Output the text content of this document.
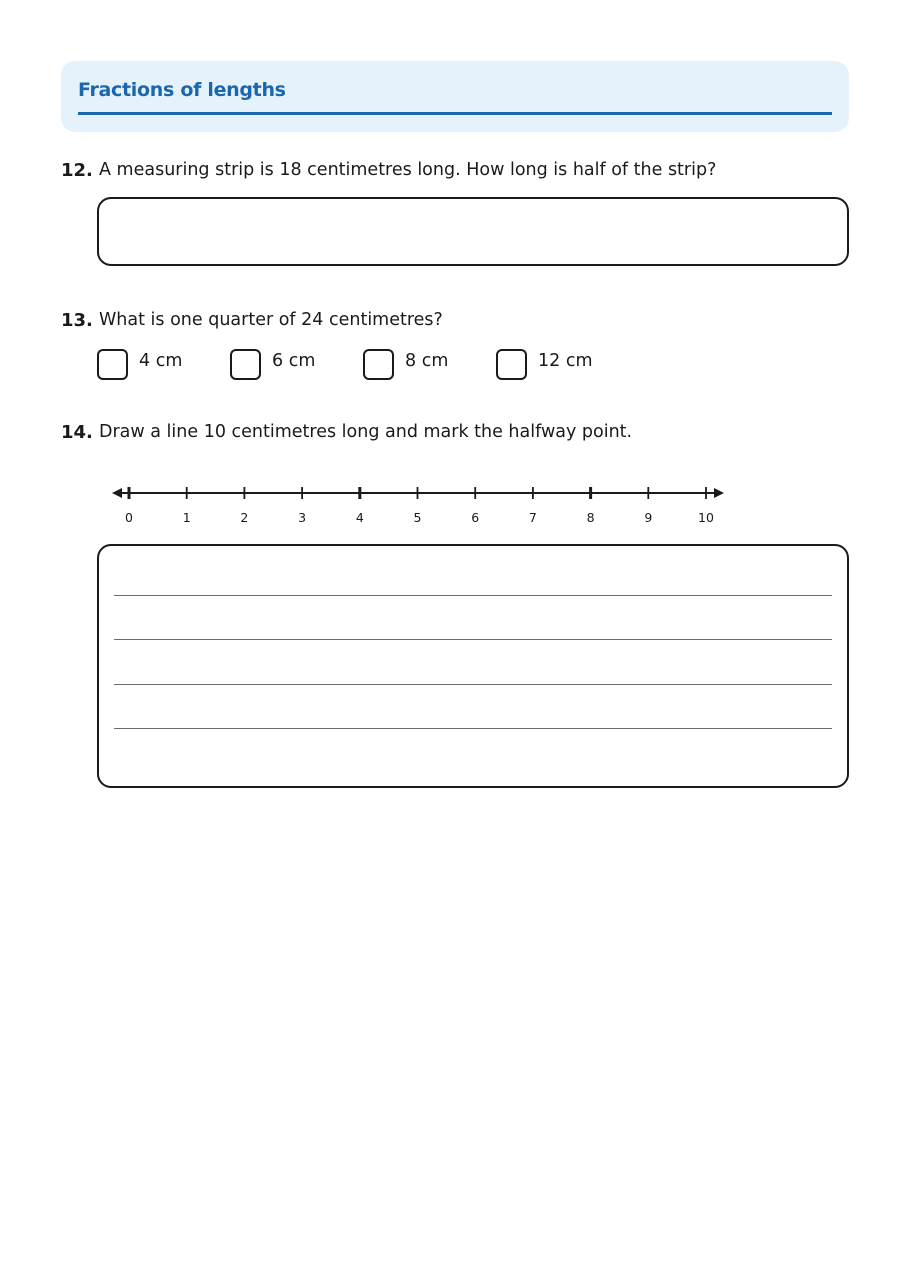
Fractions of lengths
12. A measuring strip is 18 centimetres long. How long is half of the strip?
13. What is one quarter of 24 centimetres?
4 cm	6 cm	8 cm	12 cm
14. Draw a line 10 centimetres long and mark the halfway point.
0	1	2	3	4	5	6	7	8	9	10
